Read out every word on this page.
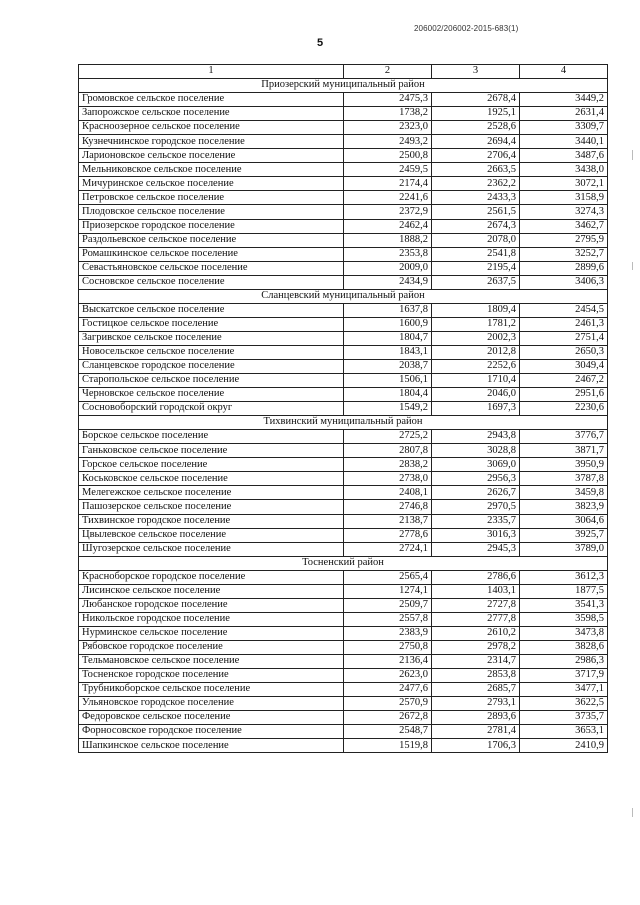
206002/206002-2015-683(1)
5
1	2	3	4
Приозерский муниципальный район			
Громовское сельское поселение	2475,3	2678,4	3449,2
Запорожское сельское поселение	1738,2	1925,1	2631,4
Красноозерное сельское поселение	2323,0	2528,6	3309,7
Кузнечнинское городское поселение	2493,2	2694,4	3440,1
Ларионовское сельское поселение	2500,8	2706,4	3487,6
Мельниковское сельское поселение	2459,5	2663,5	3438,0
Мичуринское сельское поселение	2174,4	2362,2	3072,1
Петровское сельское поселение	2241,6	2433,3	3158,9
Плодовское сельское поселение	2372,9	2561,5	3274,3
Приозерское городское поселение	2462,4	2674,3	3462,7
Раздольевское сельское поселение	1888,2	2078,0	2795,9
Ромашкинское сельское поселение	2353,8	2541,8	3252,7
Севастьяновское сельское поселение	2009,0	2195,4	2899,6
Сосновское сельское поселение	2434,9	2637,5	3406,3
Сланцевский муниципальный район			
Выскатское сельское поселение	1637,8	1809,4	2454,5
Гостицкое сельское поселение	1600,9	1781,2	2461,3
Загривское сельское поселение	1804,7	2002,3	2751,4
Новосельское сельское поселение	1843,1	2012,8	2650,3
Сланцевское городское поселение	2038,7	2252,6	3049,4
Старопольское сельское поселение	1506,1	1710,4	2467,2
Черновское сельское поселение	1804,4	2046,0	2951,6
Сосновоборский городской округ	1549,2	1697,3	2230,6
Тихвинский муниципальный район			
Борское сельское поселение	2725,2	2943,8	3776,7
Ганьковское сельское поселение	2807,8	3028,8	3871,7
Горское сельское поселение	2838,2	3069,0	3950,9
Коськовское сельское поселение	2738,0	2956,3	3787,8
Мелегежское сельское поселение	2408,1	2626,7	3459,8
Пашозерское сельское поселение	2746,8	2970,5	3823,9
Тихвинское городское поселение	2138,7	2335,7	3064,6
Цвылевское сельское поселение	2778,6	3016,3	3925,7
Шугозерское сельское поселение	2724,1	2945,3	3789,0
Тосненский район			
Красноборское городское поселение	2565,4	2786,6	3612,3
Лисинское сельское поселение	1274,1	1403,1	1877,5
Любанское городское поселение	2509,7	2727,8	3541,3
Никольское городское поселение	2557,8	2777,8	3598,5
Нурминское сельское поселение	2383,9	2610,2	3473,8
Рябовское городское поселение	2750,8	2978,2	3828,6
Тельмановское сельское поселение	2136,4	2314,7	2986,3
Тосненское городское поселение	2623,0	2853,8	3717,9
Трубникоборское сельское поселение	2477,6	2685,7	3477,1
Ульяновское городское поселение	2570,9	2793,1	3622,5
Федоровское сельское поселение	2672,8	2893,6	3735,7
Форносовское городское поселение	2548,7	2781,4	3653,1
Шапкинское сельское поселение	1519,8	1706,3	2410,9
